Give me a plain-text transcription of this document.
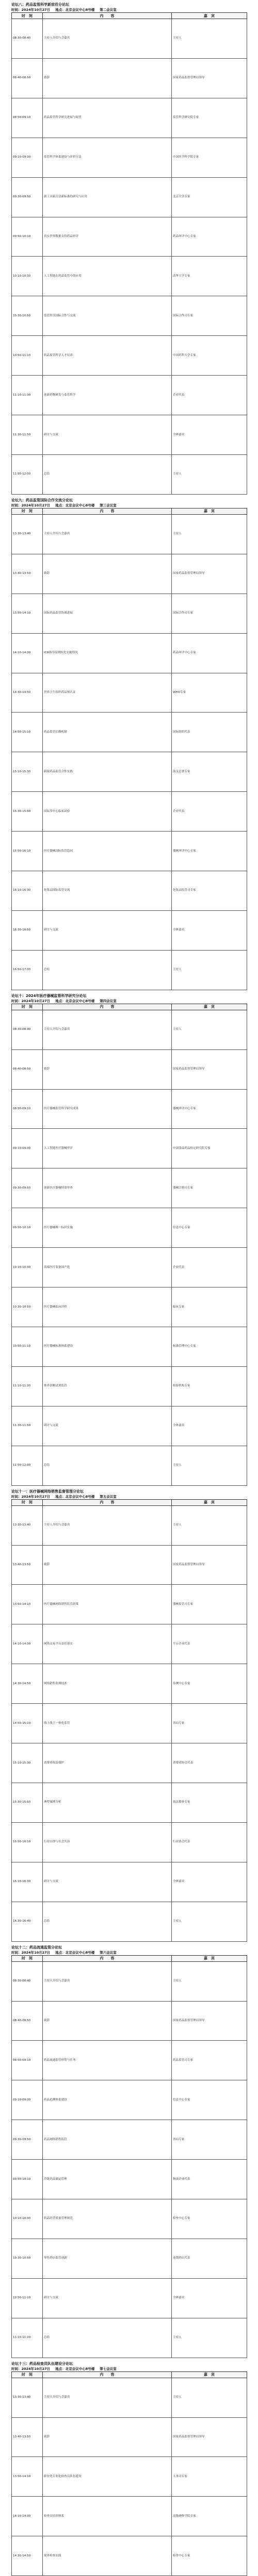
论坛八：药品监管科学新前沿分论坛
时间：2024年10月27日 地点：北京会议中心8号楼 第二会议室
时　间	内　　容	嘉　宾
08:30-08:40	主持人介绍与会嘉宾	主持人
08:40-08:50	致辞	国家药品监督管理局领导
08:50-09:10	药品监管科学研究进展与展望	监管科学研究院专家
09:10-09:30	监管科学体系建设与评价方法	中国医学科学院专家
09:30-09:50	新工具新方法新标准的研究与应用	北京大学专家
09:50-10:10	真实世界数据支持药品审评	药品审评中心专家
10:10-10:30	人工智能在药品监管中的应用	清华大学专家
10:30-10:50	监管科学国际合作与交流	国际合作司专家
10:50-11:10	药品监管科学人才培养	中国药科大学专家
11:10-11:30	创新药物研发与监管科学	企业代表
11:30-11:50	研讨与交流	全体嘉宾
11:50-12:00	总结	主持人
论坛九：药品监管国际合作交流分论坛
时间：2024年10月27日 地点：北京会议中心8号楼 第三会议室
时　间	内　　容	嘉　宾
13:30-13:40	主持人介绍与会嘉宾	主持人
13:40-13:50	致辞	国家药品监督管理局领导
13:50-14:10	国际药品监管协调进展	国际合作司专家
14:10-14:30	ICH指导原则转化实施情况	药品审评中心专家
14:30-14:50	世界卫生组织药品预认证	WHO专家
14:50-15:10	药品监管信赖机制	国际组织代表
15:10-15:30	跨境药品监管合作实践	海关总署专家
15:30-15:50	国际多中心临床试验	企业代表
15:50-16:10	医疗器械国际监管趋同	器械审评中心专家
16:10-16:30	化妆品国际监管交流	化妆品监管司专家
16:30-16:50	研讨与交流	全体嘉宾
16:50-17:00	总结	主持人
论坛十：2024年医疗器械监管科学研究分论坛
时间：2024年10月27日 地点：北京会议中心8号楼 第四会议室
时　间	内　　容	嘉　宾
08:30-08:40	主持人介绍与会嘉宾	主持人
08:40-08:50	致辞	国家药品监督管理局领导
08:50-09:10	医疗器械监管科学研究成果	器械审评中心专家
09:10-09:30	人工智能医疗器械审评	中国食品药品检定研究院专家
09:30-09:50	创新医疗器械特别审查	器械注册司专家
09:50-10:10	医疗器械唯一标识实施	信息中心专家
10:10-10:30	高端医疗装备国产化	企业代表
10:30-10:50	医疗器械临床评价	临床专家
10:50-11:10	医疗器械标准体系建设	标准管理中心专家
11:10-11:30	体外诊断试剂监管	检验机构专家
11:30-11:50	研讨与交流	全体嘉宾
11:50-12:00	总结	主持人
论坛十一：医疗器械网络销售监督管理分论坛
时间：2024年10月27日 地点：北京会议中心8号楼 第五会议室
时　间	内　　容	嘉　宾
13:30-13:40	主持人介绍与会嘉宾	主持人
13:40-13:50	致辞	国家药品监督管理局领导
13:50-14:10	医疗器械网络销售监管政策	器械监管司专家
14:10-14:30	网络交易平台责任落实	平台企业代表
14:30-14:50	网络销售监测技术	监测中心专家
14:50-15:10	线上线下一体化监管	省局专家
15:10-15:30	消费者权益保护	消费者协会代表
15:30-15:50	典型案例分析	执法稽查专家
15:50-16:10	行业自律与社会共治	行业协会代表
16:10-16:30	研讨与交流	全体嘉宾
16:30-16:40	总结	主持人
论坛十二：药品流通监管分论坛
时间：2024年10月27日 地点：北京会议中心8号楼 第六会议室
时　间	内　　容	嘉　宾
08:30-08:40	主持人介绍与会嘉宾	主持人
08:40-08:50	致辞	国家药品监督管理局领导
08:50-09:10	药品流通监管形势与任务	药品监管司专家
09:10-09:30	药品追溯体系建设	信息中心专家
09:30-09:50	药品网络销售监管	省局专家
09:50-10:10	冷链药品储运管理	物流企业代表
10:10-10:30	药品经营质量管理规范	检查中心专家
10:30-10:50	零售药店监管创新	连锁药店代表
10:50-11:10	研讨与交流	全体嘉宾
11:10-11:20	总结	主持人
论坛十三：药品检查员队伍建设分论坛
时间：2024年10月27日 地点：北京会议中心8号楼 第七会议室
时　间	内　　容	嘉　宾
13:30-13:40	主持人介绍与会嘉宾	主持人
13:40-13:50	致辞	国家药品监督管理局领导
13:50-14:10	职业化专业化检查员队伍建设	人事司专家
14:10-14:30	检查员培训体系	高级研修学院专家
14:30-14:50	境外检查实践	检查中心专家
